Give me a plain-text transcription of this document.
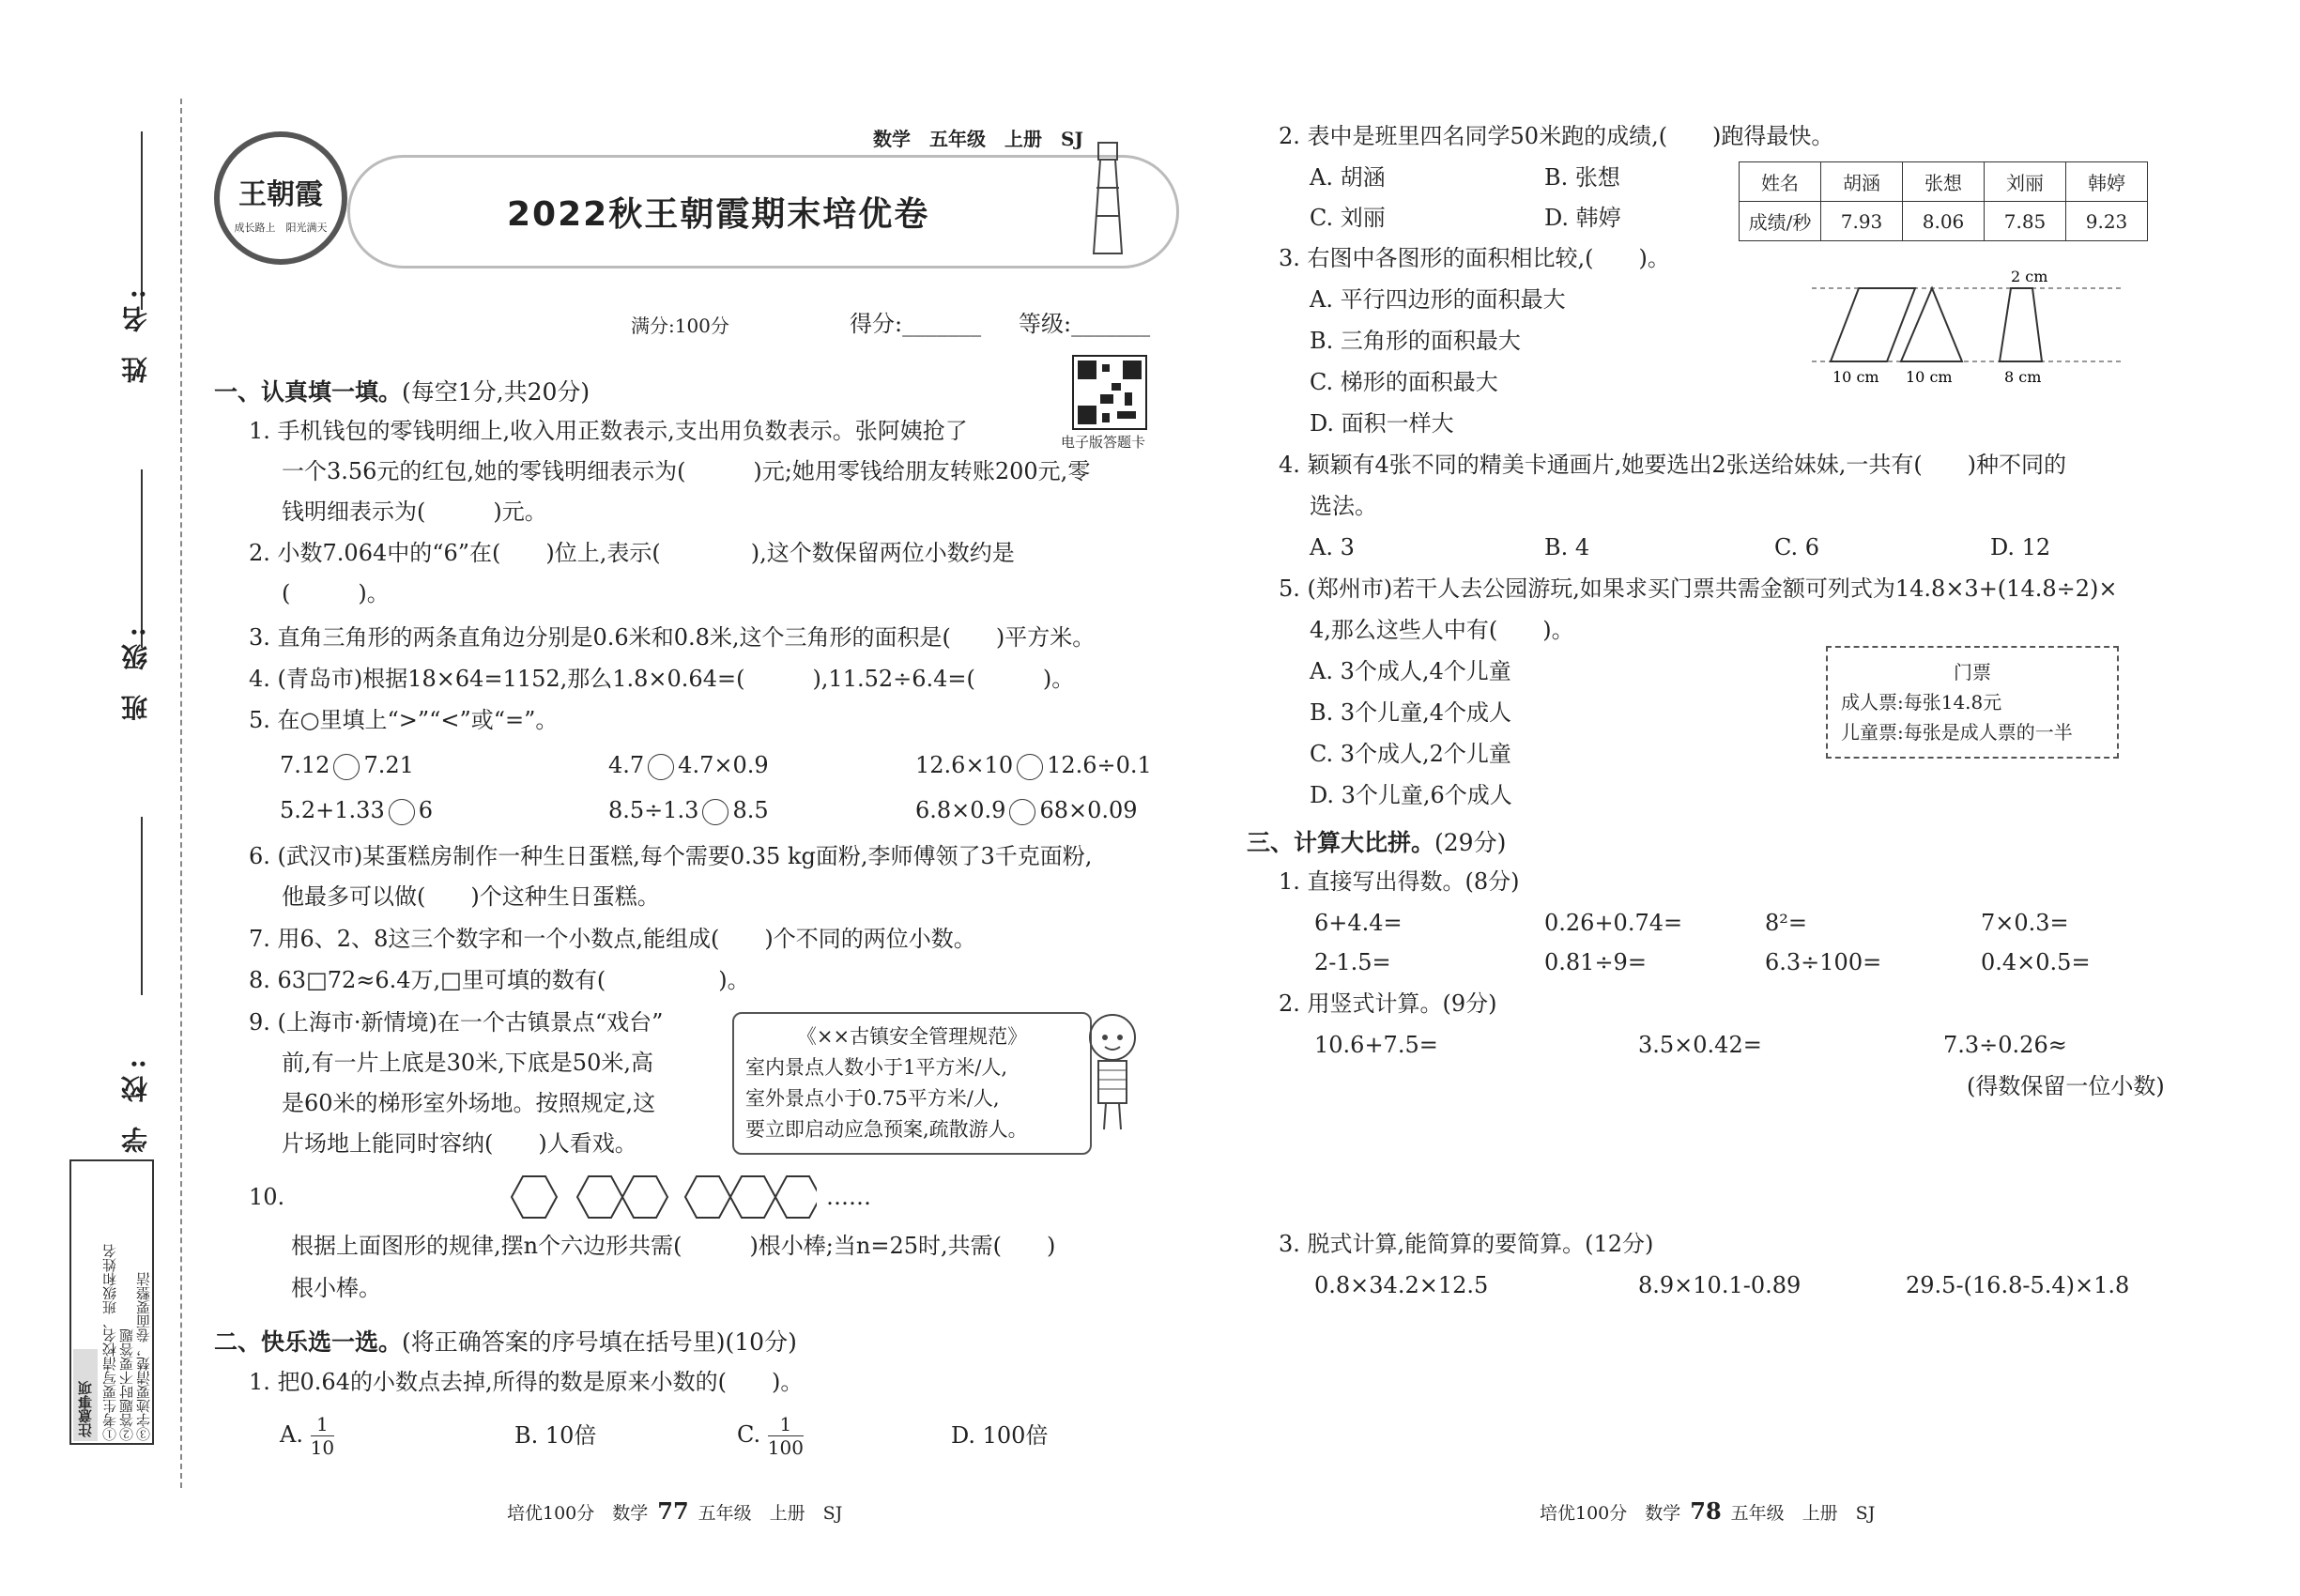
姓 名:
班 级:
学 校:
注意事项 ①考生要写清校名、班级和姓名 ②答题时不要答题 ③字迹要清楚，卷面要整洁
王朝霞
成长路上　阳光满天
数学　五年级　上册　SJ
2022秋王朝霞期末培优卷
满分:100分	得分:_______ 等级:_______
电子版答题卡
一、认真填一填。(每空1分,共20分)
1. 手机钱包的零钱明细上,收入用正数表示,支出用负数表示。张阿姨抢了
一个3.56元的红包,她的零钱明细表示为(　　　)元;她用零钱给朋友转账200元,零
钱明细表示为(　　　)元。
2. 小数7.064中的“6”在(　　)位上,表示(　　　　),这个数保留两位小数约是
(　　　)。
3. 直角三角形的两条直角边分别是0.6米和0.8米,这个三角形的面积是(　　)平方米。
4. (青岛市)根据18×64=1152,那么1.8×0.64=(　　　),11.52÷6.4=(　　　)。
5. 在○里填上“>”“<”或“=”。
7.12 7.21	4.7 4.7×0.9	12.6×10 12.6÷0.1
5.2+1.33 6	8.5÷1.3 8.5	6.8×0.9 68×0.09
6. (武汉市)某蛋糕房制作一种生日蛋糕,每个需要0.35 kg面粉,李师傅领了3千克面粉,
他最多可以做(　　)个这种生日蛋糕。
7. 用6、2、8这三个数字和一个小数点,能组成(　　)个不同的两位小数。
8. 63□72≈6.4万,□里可填的数有(　　　　　)。
9. (上海市·新情境)在一个古镇景点“戏台”
前,有一片上底是30米,下底是50米,高
是60米的梯形室外场地。按照规定,这
片场地上能同时容纳(　　)人看戏。
《××古镇安全管理规范》
室内景点人数小于1平方米/人,
室外景点小于0.75平方米/人,
要立即启动应急预案,疏散游人。
10.	……
根据上面图形的规律,摆n个六边形共需(　　　)根小棒;当n=25时,共需(　　)
根小棒。
二、快乐选一选。(将正确答案的序号填在括号里)(10分)
1. 把0.64的小数点去掉,所得的数是原来小数的(　　)。
A. $\frac{1}{10}$	B. 10倍	C. $\frac{1}{100}$	D. 100倍
2. 表中是班里四名同学50米跑的成绩,(　　)跑得最快。
A. 胡涵	B. 张想
C. 刘丽	D. 韩婷
姓名	胡涵	张想	刘丽	韩婷
成绩/秒	7.93	8.06	7.85	9.23
3. 右图中各图形的面积相比较,(　　)。
A. 平行四边形的面积最大
B. 三角形的面积最大
C. 梯形的面积最大
D. 面积一样大
2 cm
10 cm 10 cm	8 cm
4. 颖颖有4张不同的精美卡通画片,她要选出2张送给妹妹,一共有(　　)种不同的
选法。
A. 3	B. 4	C. 6	D. 12
5. (郑州市)若干人去公园游玩,如果求买门票共需金额可列式为14.8×3+(14.8÷2)×
4,那么这些人中有(　　)。
A. 3个成人,4个儿童
B. 3个儿童,4个成人
C. 3个成人,2个儿童
D. 3个儿童,6个成人
门票
成人票:每张14.8元
儿童票:每张是成人票的一半
三、计算大比拼。(29分)
1. 直接写出得数。(8分)
6+4.4=	0.26+0.74=	8²=	7×0.3=
2-1.5=	0.81÷9=	6.3÷100=	0.4×0.5=
2. 用竖式计算。(9分)
10.6+7.5=	3.5×0.42=	7.3÷0.26≈
(得数保留一位小数)
3. 脱式计算,能简算的要简算。(12分)
0.8×34.2×12.5	8.9×10.1-0.89	29.5-(16.8-5.4)×1.8
培优100分　数学 77 五年级　上册　SJ	培优100分　数学 78 五年级　上册　SJ
